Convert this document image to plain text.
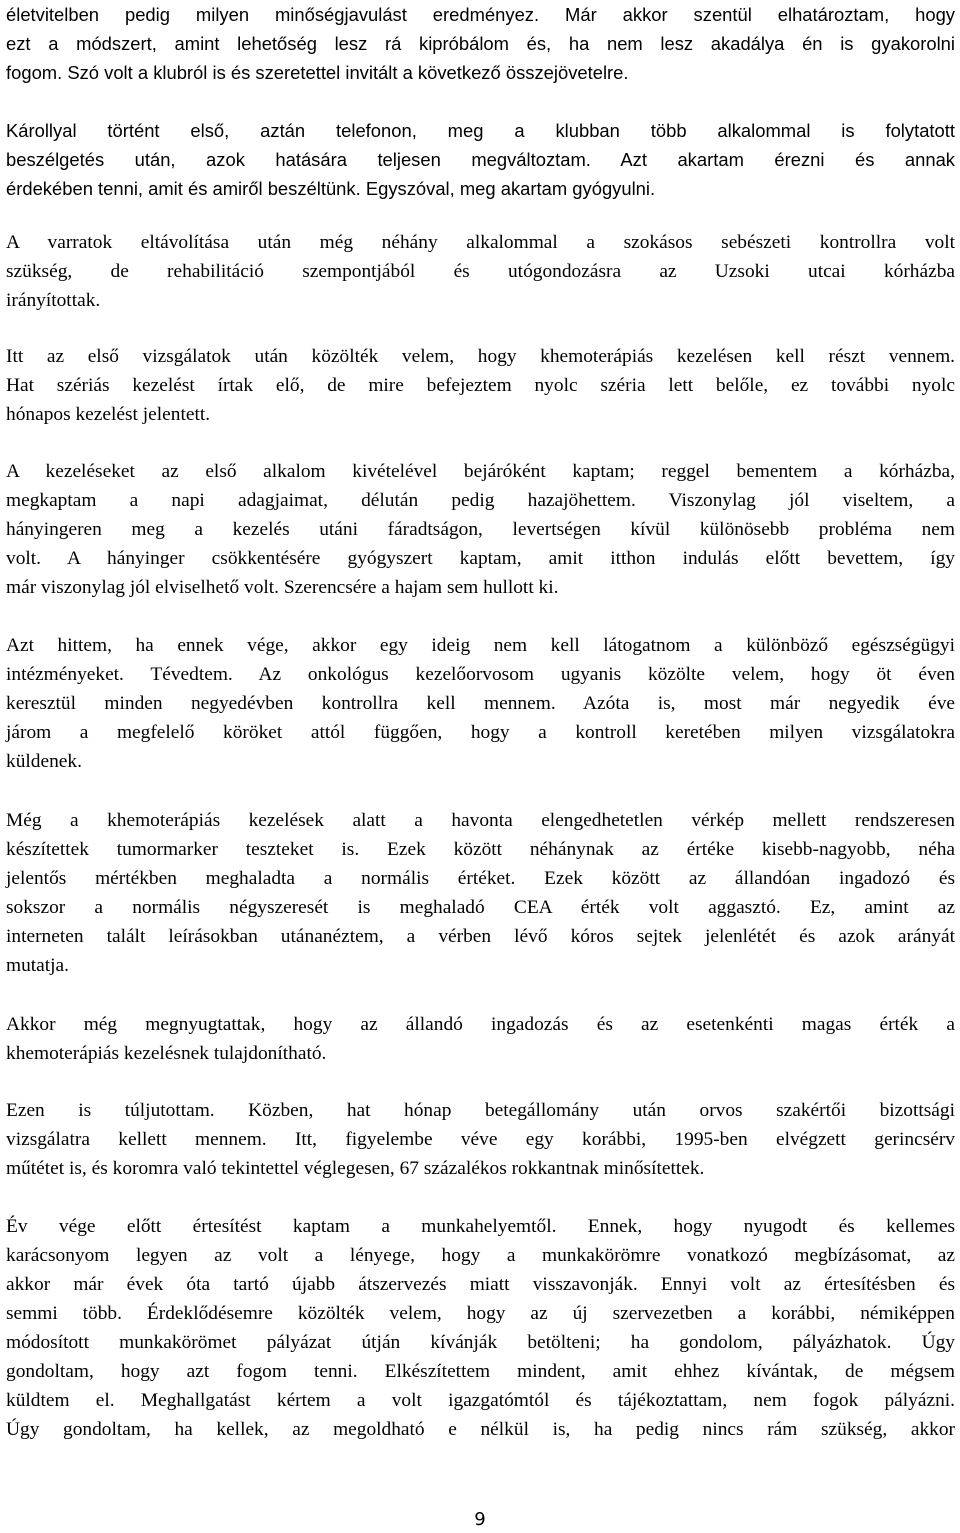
életvitelben pedig milyen minőségjavulást eredményez. Már akkor szentül elhatároztam, hogy
ezt a módszert, amint lehetőség lesz rá kipróbálom és, ha nem lesz akadálya én is gyakorolni
fogom. Szó volt a klubról is és szeretettel invitált a következő összejövetelre.
Károllyal történt első, aztán telefonon, meg a klubban több alkalommal is folytatott
beszélgetés után, azok hatására teljesen megváltoztam. Azt akartam érezni és annak
érdekében tenni, amit és amiről beszéltünk. Egyszóval, meg akartam gyógyulni.
A varratok eltávolítása után még néhány alkalommal a szokásos sebészeti kontrollra volt
szükség, de rehabilitáció szempontjából és utógondozásra az Uzsoki utcai kórházba
irányítottak.
Itt az első vizsgálatok után közölték velem, hogy khemoterápiás kezelésen kell részt vennem.
Hat szériás kezelést írtak elő, de mire befejeztem nyolc széria lett belőle, ez további nyolc
hónapos kezelést jelentett.
A kezeléseket az első alkalom kivételével bejáróként kaptam; reggel bementem a kórházba,
megkaptam a napi adagjaimat, délután pedig hazajöhettem. Viszonylag jól viseltem, a
hányingeren meg a kezelés utáni fáradtságon, levertségen kívül különösebb probléma nem
volt. A hányinger csökkentésére gyógyszert kaptam, amit itthon indulás előtt bevettem, így
már viszonylag jól elviselhető volt. Szerencsére a hajam sem hullott ki.
Azt hittem, ha ennek vége, akkor egy ideig nem kell látogatnom a különböző egészségügyi
intézményeket. Tévedtem. Az onkológus kezelőorvosom ugyanis közölte velem, hogy öt éven
keresztül minden negyedévben kontrollra kell mennem. Azóta is, most már negyedik éve
járom a megfelelő köröket attól függően, hogy a kontroll keretében milyen vizsgálatokra
küldenek.
Még a khemoterápiás kezelések alatt a havonta elengedhetetlen vérkép mellett rendszeresen
készítettek tumormarker teszteket is. Ezek között néhánynak az értéke kisebb-nagyobb, néha
jelentős mértékben meghaladta a normális értéket. Ezek között az állandóan ingadozó és
sokszor a normális négyszeresét is meghaladó CEA érték volt aggasztó. Ez, amint az
interneten talált leírásokban utánanéztem, a vérben lévő kóros sejtek jelenlétét és azok arányát
mutatja.
Akkor még megnyugtattak, hogy az állandó ingadozás és az esetenkénti magas érték a
khemoterápiás kezelésnek tulajdonítható.
Ezen is túljutottam. Közben, hat hónap betegállomány után orvos szakértői bizottsági
vizsgálatra kellett mennem. Itt, figyelembe véve egy korábbi, 1995-ben elvégzett gerincsérv
műtétet is, és koromra való tekintettel véglegesen, 67 százalékos rokkantnak minősítettek.
Év vége előtt értesítést kaptam a munkahelyemtől. Ennek, hogy nyugodt és kellemes
karácsonyom legyen az volt a lényege, hogy a munkakörömre vonatkozó megbízásomat, az
akkor már évek óta tartó újabb átszervezés miatt visszavonják. Ennyi volt az értesítésben és
semmi több. Érdeklődésemre közölték velem, hogy az új szervezetben a korábbi, némiképpen
módosított munkakörömet pályázat útján kívánják betölteni; ha gondolom, pályázhatok. Úgy
gondoltam, hogy azt fogom tenni. Elkészítettem mindent, amit ehhez kívántak, de mégsem
küldtem el. Meghallgatást kértem a volt igazgatómtól és tájékoztattam, nem fogok pályázni.
Úgy gondoltam, ha kellek, az megoldható e nélkül is, ha pedig nincs rám szükség, akkor
9
